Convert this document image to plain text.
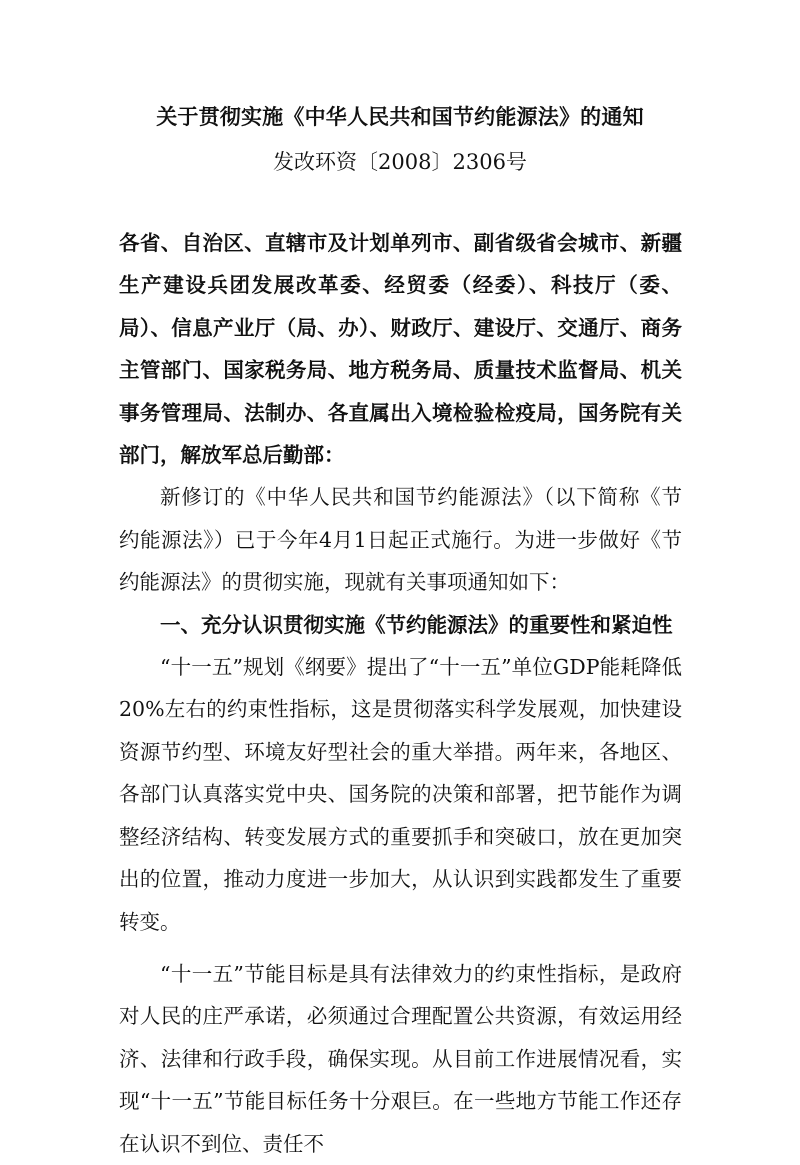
关于贯彻实施《中华人民共和国节约能源法》的通知
发改环资〔2008〕2306号

各省、自治区、直辖市及计划单列市、副省级省会城市、新疆生产建设兵团发展改革委、经贸委（经委）、科技厅（委、局）、信息产业厅（局、办）、财政厅、建设厅、交通厅、商务主管部门、国家税务局、地方税务局、质量技术监督局、机关事务管理局、法制办、各直属出入境检验检疫局，国务院有关部门，解放军总后勤部：

新修订的《中华人民共和国节约能源法》（以下简称《节约能源法》）已于今年4月1日起正式施行。为进一步做好《节约能源法》的贯彻实施，现就有关事项通知如下：

一、充分认识贯彻实施《节约能源法》的重要性和紧迫性

“十一五”规划《纲要》提出了“十一五”单位GDP能耗降低20%左右的约束性指标，这是贯彻落实科学发展观，加快建设资源节约型、环境友好型社会的重大举措。两年来，各地区、各部门认真落实党中央、国务院的决策和部署，把节能作为调整经济结构、转变发展方式的重要抓手和突破口，放在更加突出的位置，推动力度进一步加大，从认识到实践都发生了重要转变。

“十一五”节能目标是具有法律效力的约束性指标，是政府对人民的庄严承诺，必须通过合理配置公共资源，有效运用经济、法律和行政手段，确保实现。从目前工作进展情况看，实现“十一五”节能目标任务十分艰巨。在一些地方节能工作还存在认识不到位、责任不
